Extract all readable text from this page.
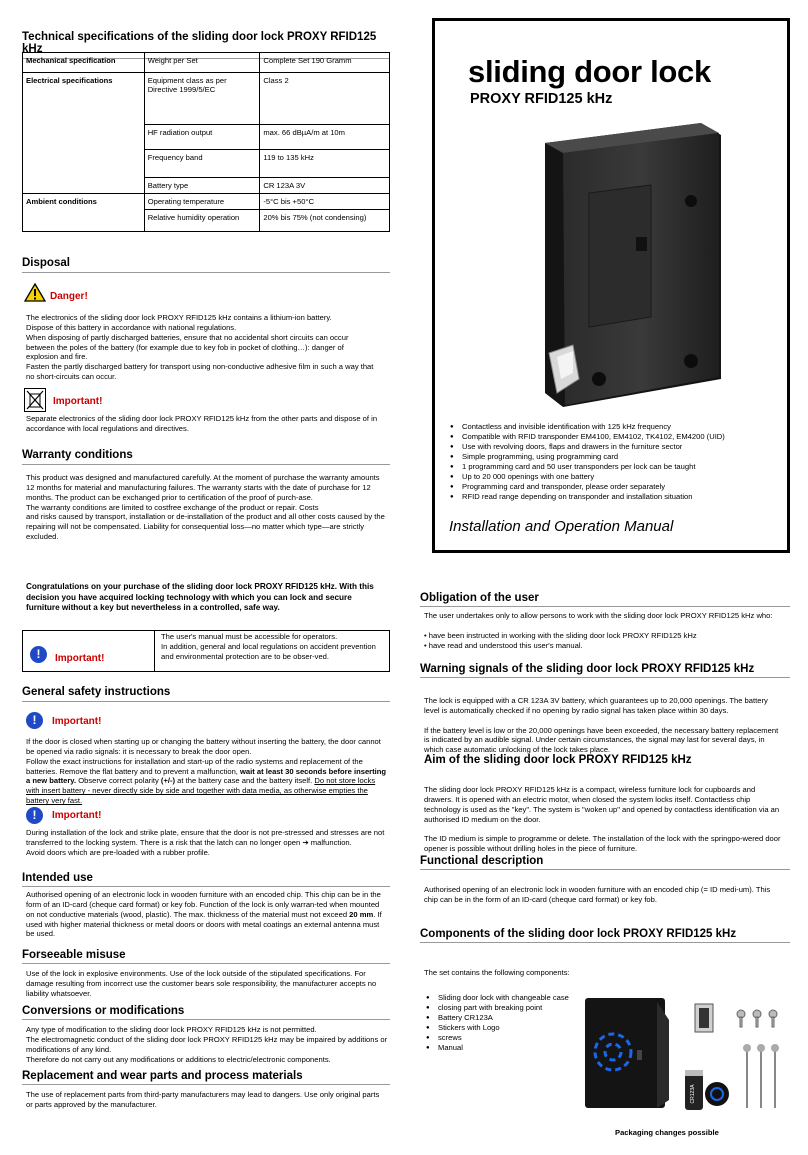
Technical specifications of the sliding door lock PROXY RFID125 kHz
Mechanical specification	Weight per Set	Complete Set 190 Gramm
Electrical specifications	Equipment class as per Directive 1999/5/EC	Class 2
	HF radiation output	max. 66 dBµA/m at 10m
	Frequency band	119 to 135 kHz
	Battery type	CR 123A 3V
Ambient conditions	Operating temperature	-5°C bis +50°C
	Relative humidity operation	20% bis 75% (not condensing)
Disposal
Danger!
The electronics of the sliding door lock PROXY RFID125 kHz contains a lithium-ion battery.
Dispose of this battery in accordance with national regulations.
When disposing of partly discharged batteries, ensure that no accidental short circuits can occur between the poles of the battery (for example due to key fob in pocket of clothing…): danger of explosion and fire.
Fasten the partly discharged battery for transport using non-conductive adhesive film in such a way that no short-circuits can occur.
Important!
Separate electronics of the sliding door lock PROXY RFID125 kHz from the other parts and dispose of in accordance with local regulations and directives.
Warranty conditions
This product was designed and manufactured carefully. At the moment of purchase the warranty amounts 12 months for material and manufacturing failures. The warranty starts with the date of purchase for 12 months. The product can be exchanged prior to certification of the proof of purch-ase.
The warranty conditions are limited to costfree exchange of the product or repair. Costs
and risks caused by transport, installation or de-installation of the product and all other costs caused by the repairing will not be compensated. Liability for consequential loss—no matter which type—are strictly excluded.
Congratulations on your purchase of the sliding door lock PROXY RFID125 kHz. With this decision you have acquired locking technology with which you can lock and secure furniture without a key but nevertheless in a controlled, safe way.
!	Important!
The user's manual must be accessible for operators.
In addition, general and local regulations on accident prevention and environmental protection are to be obser-ved.
General safety instructions
!	Important!
If the door is closed when starting up or changing the battery without inserting the battery, the door cannot be opened via radio signals: it is necessary to break the door open.
Follow the exact instructions for installation and start-up of the radio systems and replacement of the batteries. Remove the flat battery and to prevent a malfunction, wait at least 30 seconds before inserting a new battery. Observe correct polarity (+/-) at the battery case and the battery itself. Do not store locks with insert battery - never directly side by side and together with data media, as otherwise empties the battery very fast.
!	Important!
During installation of the lock and strike plate, ensure that the door is not pre-stressed and stresses are not transferred to the locking system. There is a risk that the latch can no longer open ➔ malfunction.
Avoid doors which are pre-loaded with a rubber profile.
Intended use
Authorised opening of an electronic lock in wooden furniture with an encoded chip. This chip can be in the form of an ID-card (cheque card format) or key fob. Function of the lock is only warran-ted when mounted on not conductive materials (wood, plastic). The max. thickness of the material must not exceed 20 mm. If used with higher material thickness or metal doors or doors with metal coatings an external antenna must be used.
Forseeable misuse
Use of the lock in explosive environments. Use of the lock outside of the stipulated specifications. For damage resulting from incorrect use the customer bears sole responsibility, the manufacturer accepts no liability whatsoever.
Conversions or modifications
Any type of modification to the sliding door lock PROXY RFID125 kHz is not permitted.
The electromagnetic conduct of the sliding door lock PROXY RFID125 kHz may be impaired by additions or modifications of any kind.
Therefore do not carry out any modifications or additions to electric/electronic components.
Replacement and wear parts and process materials
The use of replacement parts from third-party manufacturers may lead to dangers. Use only original parts or parts approved by the manufacturer.
sliding door lock
PROXY RFID125 kHz
● Contactless and invisible identification with 125 kHz frequency
● Compatible with RFID transponder EM4100, EM4102, TK4102, EM4200 (UID)
● Use with revolving doors, flaps and drawers in the furniture sector
● Simple programming, using programming card
● 1 programming card and 50 user transponders per lock can be taught
● Up to 20 000 openings with one battery
● Programming card and transponder, please order separately
● RFID read range depending on transponder and installation situation
Installation and Operation Manual
Obligation of the user
The user undertakes only to allow persons to work with the sliding door lock PROXY RFID125 kHz who:

• have been instructed in working with the sliding door lock PROXY RFID125 kHz
• have read and understood this user's manual.
Warning signals of the sliding door lock PROXY RFID125 kHz
The lock is equipped with a CR 123A 3V battery, which guarantees up to 20,000 openings. The battery
level is automatically checked if no opening by radio signal has taken place within 30 days.

If the battery level is low or the 20,000 openings have been exceeded, the necessary battery replacement is indicated by an audible signal. Under certain circumstances, the signal may last for several days, in which case automatic unlocking of the lock takes place.
Aim of the sliding door lock PROXY RFID125 kHz
The sliding door lock PROXY RFID125 kHz is a compact, wireless furniture lock for cupboards and drawers. It is opened with an electric motor, when closed the system locks itself. Contactless chip technology is used as the "key". The system is "woken up" and opened by contactless identification via an authorised ID medium on the door.

The ID medium is simple to programme or delete. The installation of the lock with the springpo-wered door opener is possible without drilling holes in the piece of furniture.
Functional description
Authorised opening of an electronic lock in wooden furniture with an encoded chip (= ID medi-um). This chip can be in the form of an ID-card (cheque card format) or key fob.
Components of the sliding door lock PROXY RFID125 kHz
The set contains the following components:
● Sliding door lock with changeable case
● closing part with breaking point
● Battery CR123A
● Stickers with Logo
● screws
● Manual
CR123A
Packaging changes possible
